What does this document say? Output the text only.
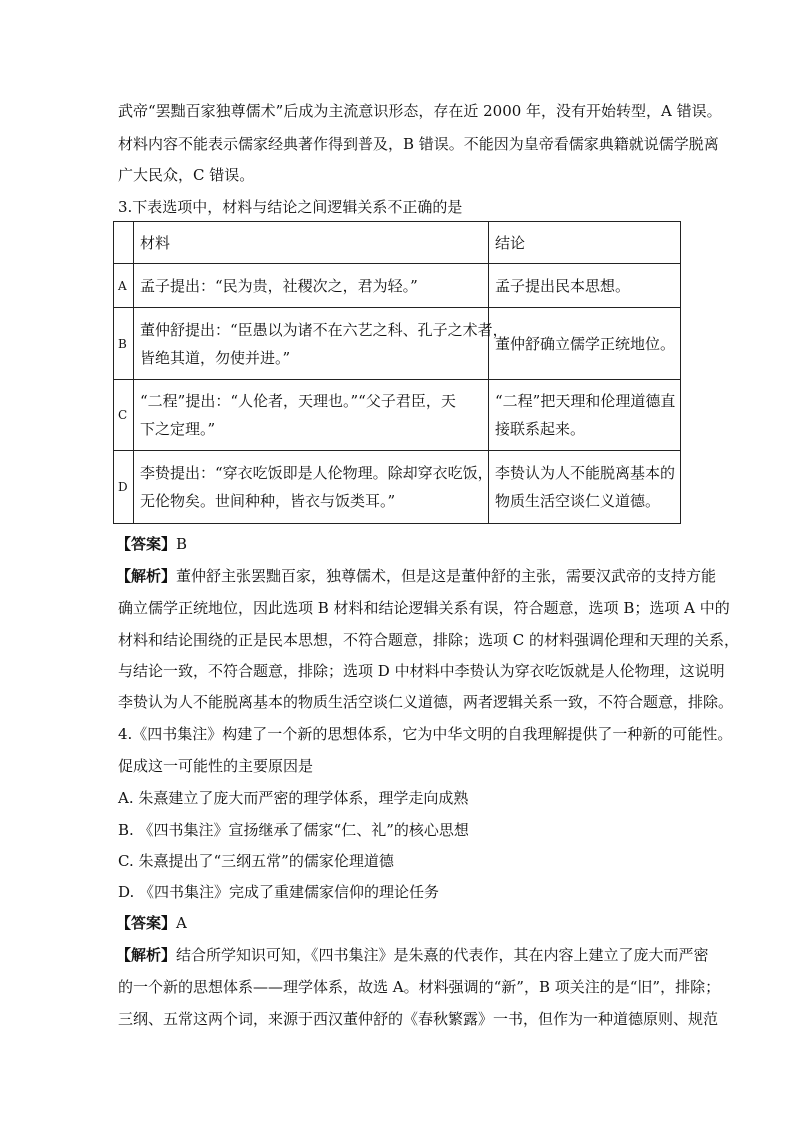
武帝“罢黜百家独尊儒术”后成为主流意识形态，存在近 2000 年，没有开始转型，A 错误。
材料内容不能表示儒家经典著作得到普及，B 错误。不能因为皇帝看儒家典籍就说儒学脱离
广大民众，C 错误。
3.下表选项中，材料与结论之间逻辑关系不正确的是
	材料	结论
A	孟子提出：“民为贵，社稷次之，君为轻。”	孟子提出民本思想。

B	董仲舒提出：“臣愚以为诸不在六艺之科、孔子之术者，
皆绝其道，勿使并进。”	董仲舒确立儒学正统地位。

C	“二程”提出：“人伦者，天理也。”“父子君臣，天
下之定理。”	“二程”把天理和伦理道德直
接联系起来。

D	李贽提出：“穿衣吃饭即是人伦物理。除却穿衣吃饭，
无伦物矣。世间种种，皆衣与饭类耳。”	李贽认为人不能脱离基本的
物质生活空谈仁义道德。
【答案】B
【解析】董仲舒主张罢黜百家，独尊儒术，但是这是董仲舒的主张，需要汉武帝的支持方能
确立儒学正统地位，因此选项 B 材料和结论逻辑关系有误，符合题意，选项 B；选项 A 中的
材料和结论围绕的正是民本思想，不符合题意，排除；选项 C 的材料强调伦理和天理的关系，
与结论一致，不符合题意，排除；选项 D 中材料中李贽认为穿衣吃饭就是人伦物理，这说明
李贽认为人不能脱离基本的物质生活空谈仁义道德，两者逻辑关系一致，不符合题意，排除。
4.《四书集注》构建了一个新的思想体系，它为中华文明的自我理解提供了一种新的可能性。
促成这一可能性的主要原因是
A. 朱熹建立了庞大而严密的理学体系，理学走向成熟
B. 《四书集注》宣扬继承了儒家“仁、礼”的核心思想
C. 朱熹提出了“三纲五常”的儒家伦理道德
D. 《四书集注》完成了重建儒家信仰的理论任务
【答案】A
【解析】结合所学知识可知，《四书集注》是朱熹的代表作，其在内容上建立了庞大而严密
的一个新的思想体系——理学体系，故选 A。材料强调的“新”，B 项关注的是“旧”，排除；
三纲、五常这两个词，来源于西汉董仲舒的《春秋繁露》一书，但作为一种道德原则、规范
